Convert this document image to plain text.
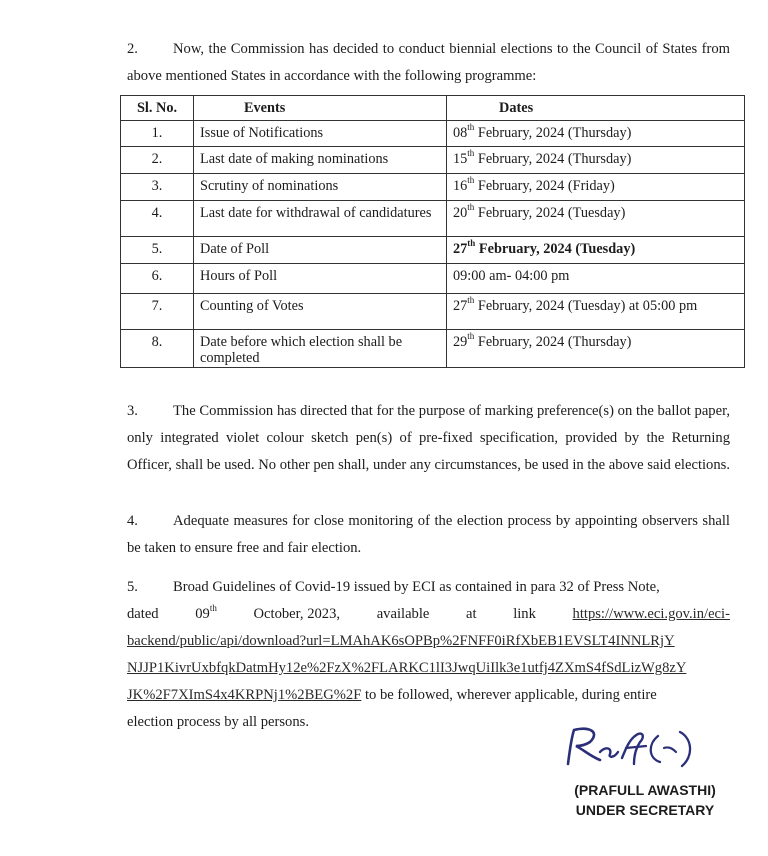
2. Now, the Commission has decided to conduct biennial elections to the Council of States from above mentioned States in accordance with the following programme:
Sl. No.	Events	Dates
1.	Issue of Notifications	08th February, 2024 (Thursday)
2.	Last date of making nominations	15th February, 2024 (Thursday)
3.	Scrutiny of nominations	16th February, 2024 (Friday)
4.	Last date for withdrawal of candidatures	20th February, 2024 (Tuesday)
5.	Date of Poll	27th February, 2024 (Tuesday)
6.	Hours of Poll	09:00 am- 04:00 pm
7.	Counting of Votes	27th February, 2024 (Tuesday) at 05:00 pm
8.	Date before which election shall be completed	29th February, 2024 (Thursday)
3. The Commission has directed that for the purpose of marking preference(s) on the ballot paper, only integrated violet colour sketch pen(s) of pre-fixed specification, provided by the Returning Officer, shall be used. No other pen shall, under any circumstances, be used in the above said elections.
4. Adequate measures for close monitoring of the election process by appointing observers shall be taken to ensure free and fair election.
5. Broad Guidelines of Covid-19 issued by ECI as contained in para 32 of Press Note,
dated	09th	October, 2023,	available	at	link	https://www.eci.gov.in/eci-
backend/public/api/download?url=LMAhAK6sOPBp%2FNFF0iRfXbEB1EVSLT4INNLRjY
NJJP1KivrUxbfqkDatmHy12e%2FzX%2FLARKC1lI3JwqUiIlk3e1utfj4ZXmS4fSdLizWg8zY
JK%2F7XImS4x4KRPNj1%2BEG%2F to be followed, wherever applicable, during entire
election process by all persons.
(PRAFULL AWASTHI)
UNDER SECRETARY
